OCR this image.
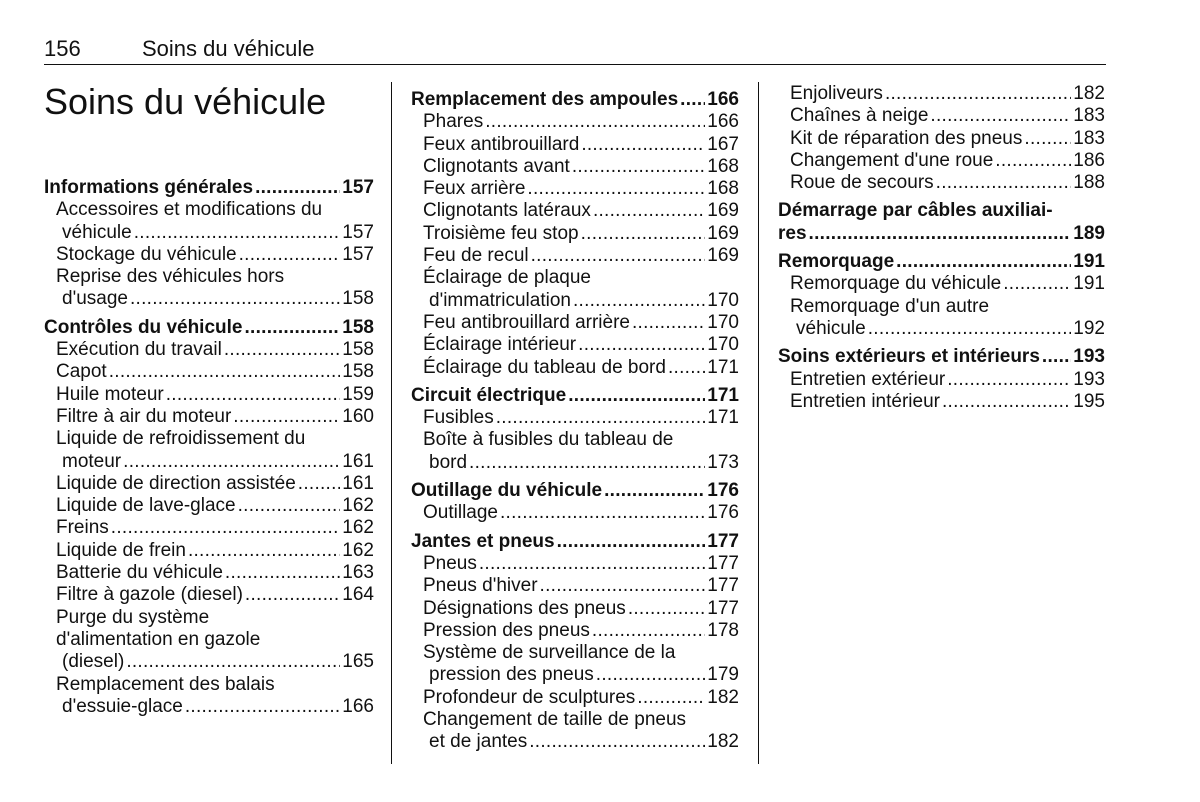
156	Soins du véhicule
Soins du véhicule
Informations générales . . .	157
Accessoires et modifications du
véhicule . . .	157
Stockage du véhicule . . .	157
Reprise des véhicules hors
d'usage . . .	158
Contrôles du véhicule . . .	158
Exécution du travail . . .	158
Capot . . .	158
Huile moteur . . .	159
Filtre à air du moteur . . .	160
Liquide de refroidissement du
moteur . . .	161
Liquide de direction assistée . . . 161
Liquide de lave-glace . . .	162
Freins . . .	162
Liquide de frein . . .	162
Batterie du véhicule . . .	163
Filtre à gazole (diesel) . . .	164
Purge du système
d'alimentation en gazole
(diesel) . . .	165
Remplacement des balais
d'essuie-glace . . .	166
Remplacement des ampoules . . . 166
Phares . . .	166
Feux antibrouillard . . .	167
Clignotants avant . . .	168
Feux arrière . . .	168
Clignotants latéraux . . .	169
Troisième feu stop . . .	169
Feu de recul . . .	169
Éclairage de plaque
d'immatriculation . . .	170
Feu antibrouillard arrière . . .	170
Éclairage intérieur . . .	170
Éclairage du tableau de bord . . . 171
Circuit électrique . . .	171
Fusibles . . .	171
Boîte à fusibles du tableau de
bord . . .	173
Outillage du véhicule . . .	176
Outillage . . .	176
Jantes et pneus . . .	177
Pneus . . .	177
Pneus d'hiver . . .	177
Désignations des pneus . . .	177
Pression des pneus . . .	178
Système de surveillance de la
pression des pneus . . .	179
Profondeur de sculptures . . .	182
Changement de taille de pneus
et de jantes . . .	182
Enjoliveurs . . .	182
Chaînes à neige . . .	183
Kit de réparation des pneus . . .	183
Changement d'une roue . . .	186
Roue de secours . . .	188
Démarrage par câbles auxiliai-
res . . .	189
Remorquage . . .	191
Remorquage du véhicule . . .	191
Remorquage d'un autre
véhicule . . .	192
Soins extérieurs et intérieurs . . . 193
Entretien extérieur . . .	193
Entretien intérieur . . .	195
